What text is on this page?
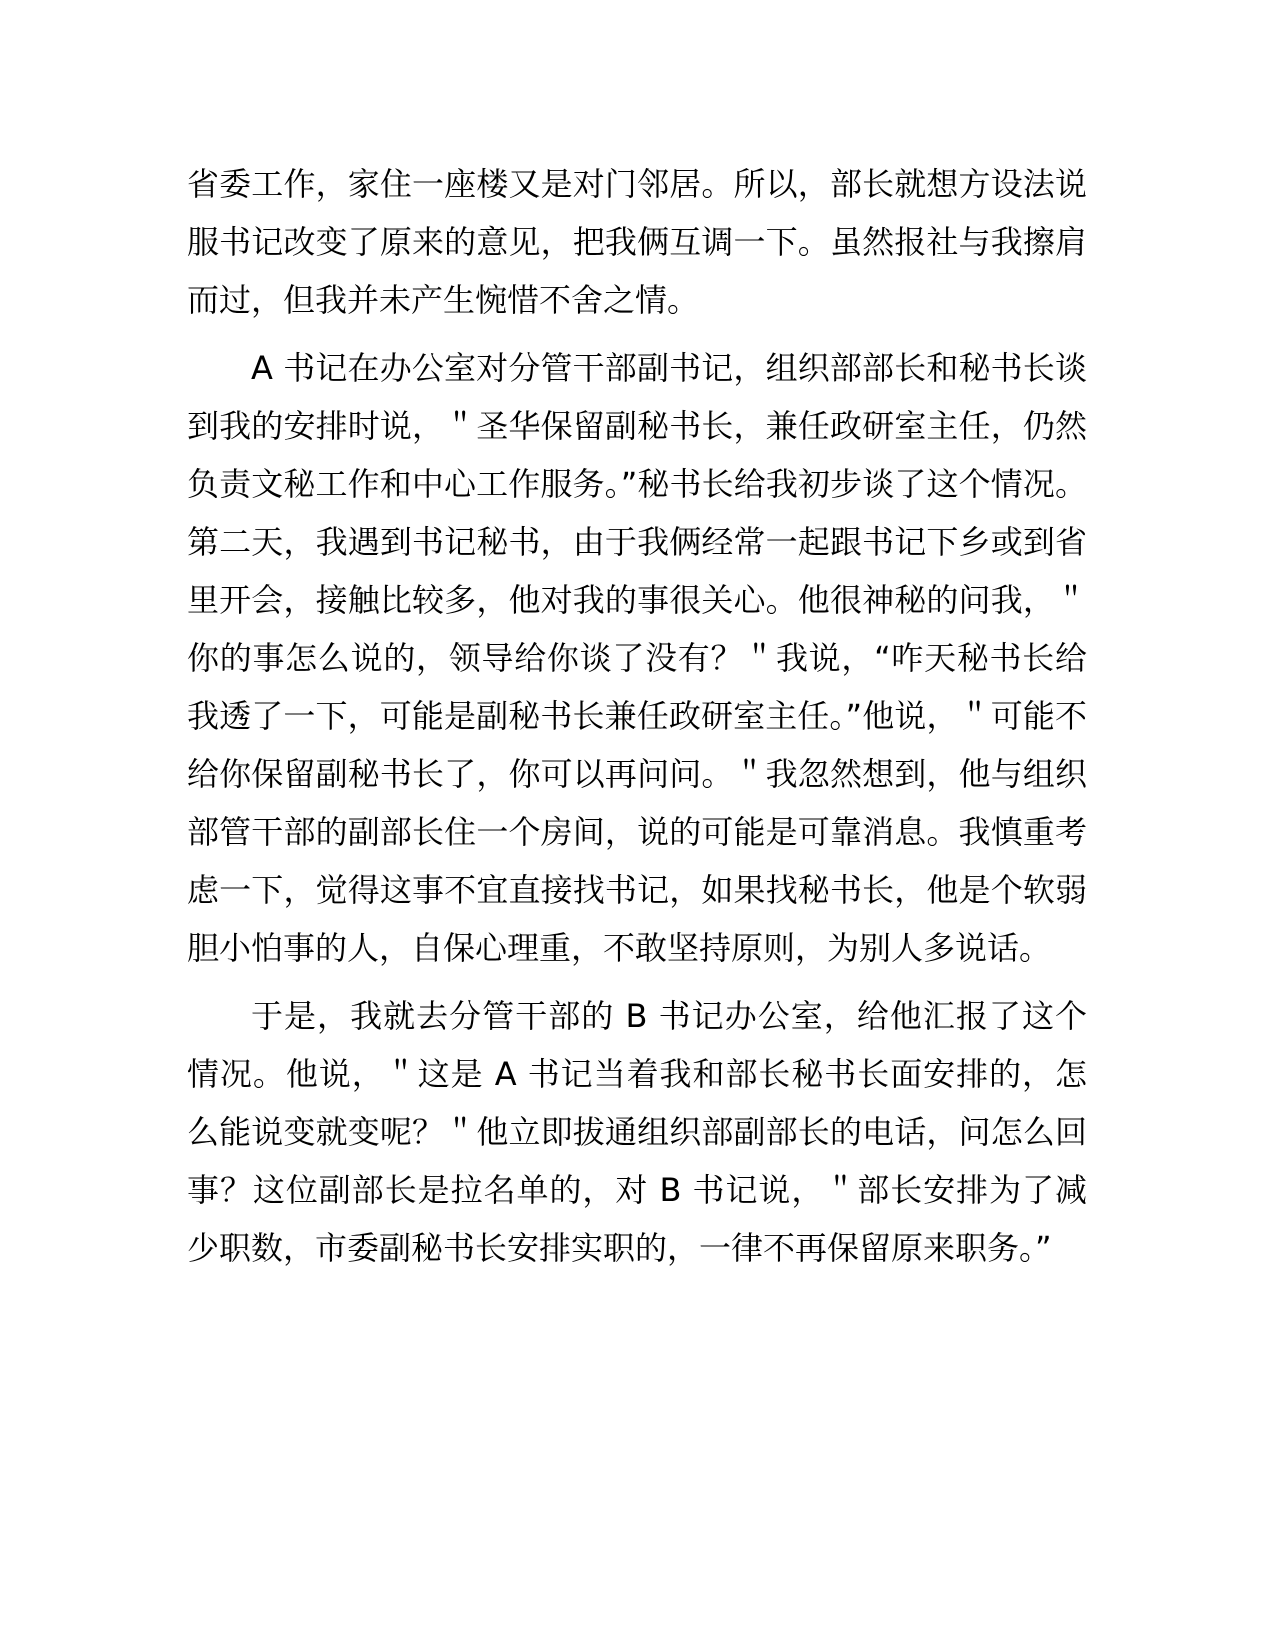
省委工作，家住一座楼又是对门邻居。所以，部长就想方设法说服书记改变了原来的意见，把我俩互调一下。虽然报社与我擦肩而过，但我并未产生惋惜不舍之情。

A 书记在办公室对分管干部副书记，组织部部长和秘书长谈到我的安排时说，＂圣华保留副秘书长，兼任政研室主任，仍然负责文秘工作和中心工作服务。”秘书长给我初步谈了这个情况。第二天，我遇到书记秘书，由于我俩经常一起跟书记下乡或到省里开会，接触比较多，他对我的事很关心。他很神秘的问我，＂你的事怎么说的，领导给你谈了没有？＂我说，“咋天秘书长给我透了一下，可能是副秘书长兼任政研室主任。”他说，＂可能不给你保留副秘书长了，你可以再问问。＂我忽然想到，他与组织部管干部的副部长住一个房间，说的可能是可靠消息。我慎重考虑一下，觉得这事不宜直接找书记，如果找秘书长，他是个软弱胆小怕事的人，自保心理重，不敢坚持原则，为别人多说话。

于是，我就去分管干部的 B 书记办公室，给他汇报了这个情况。他说，＂这是 A 书记当着我和部长秘书长面安排的，怎么能说变就变呢？＂他立即拔通组织部副部长的电话，问怎么回事？这位副部长是拉名单的，对 B 书记说，＂部长安排为了减少职数，市委副秘书长安排实职的，一律不再保留原来职务。”
